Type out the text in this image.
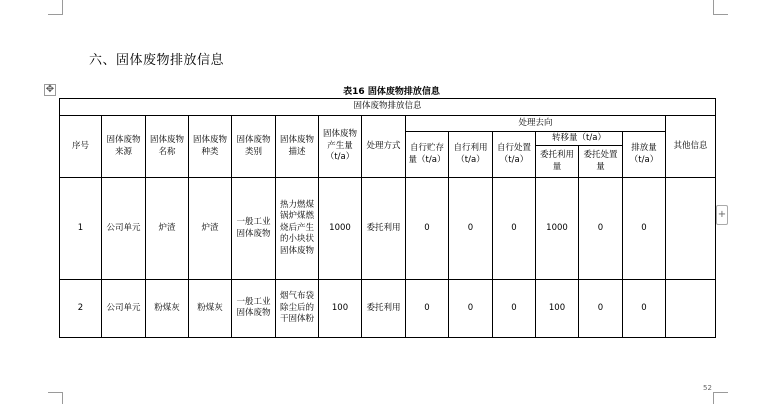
六、固体废物排放信息
✥	表16 固体废物排放信息
固体废物排放信息														
序号	固体废物来源	固体废物名称	固体废物种类	固体废物类别	固体废物描述	固体废物产生量（t/a）	处理方式	处理去向						其他信息
								自行贮存量（t/a）	自行利用（t/a）	自行处置（t/a）	转移量（t/a）		排放量（t/a）	
											委托利用量	委托处置量		
1	公司单元	炉渣	炉渣	一般工业固体废物	热力燃煤锅炉煤燃烧后产生的小块状固体废物	1000	委托利用	0	0	0	1000	0	0	
2	公司单元	粉煤灰	粉煤灰	一般工业固体废物	烟气布袋除尘后的干固体粉	100	委托利用	0	0	0	100	0	0	
+
52
